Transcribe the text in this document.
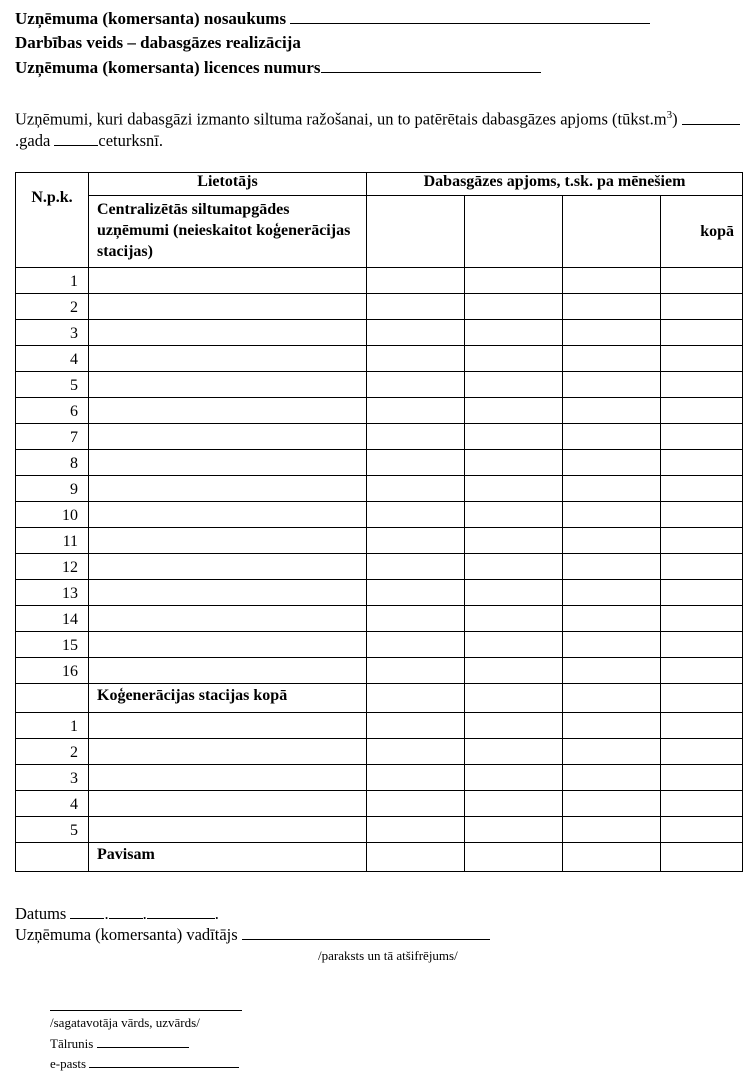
Uzņēmuma (komersanta) nosaukums
Darbības veids – dabasgāzes realizācija
Uzņēmuma (komersanta) licences numurs
Uzņēmumi, kuri dabasgāzi izmanto siltuma ražošanai, un to patērētais dabasgāzes apjoms $(tūkst.m^3)$ .gada	ceturksnī.
N.p.k.	Lietotājs	Dabasgāzes apjoms, t.sk. pa mēnešiem			
	Centralizētās siltumapgādes uzņēmumi (neieskaitot koģenerācijas stacijas)				kopā
1					
2					
3					
4					
5					
6					
7					
8					
9					
10					
11					
12					
13					
14					
15					
16					
	Koģenerācijas stacijas kopā				
1					
2					
3					
4					
5					
	Pavisam				
Datums . .	.
Uzņēmuma (komersanta) vadītājs
/paraksts un tā atšifrējums/
/sagatavotāja vārds, uzvārds/
Tālrunis
e-pasts
